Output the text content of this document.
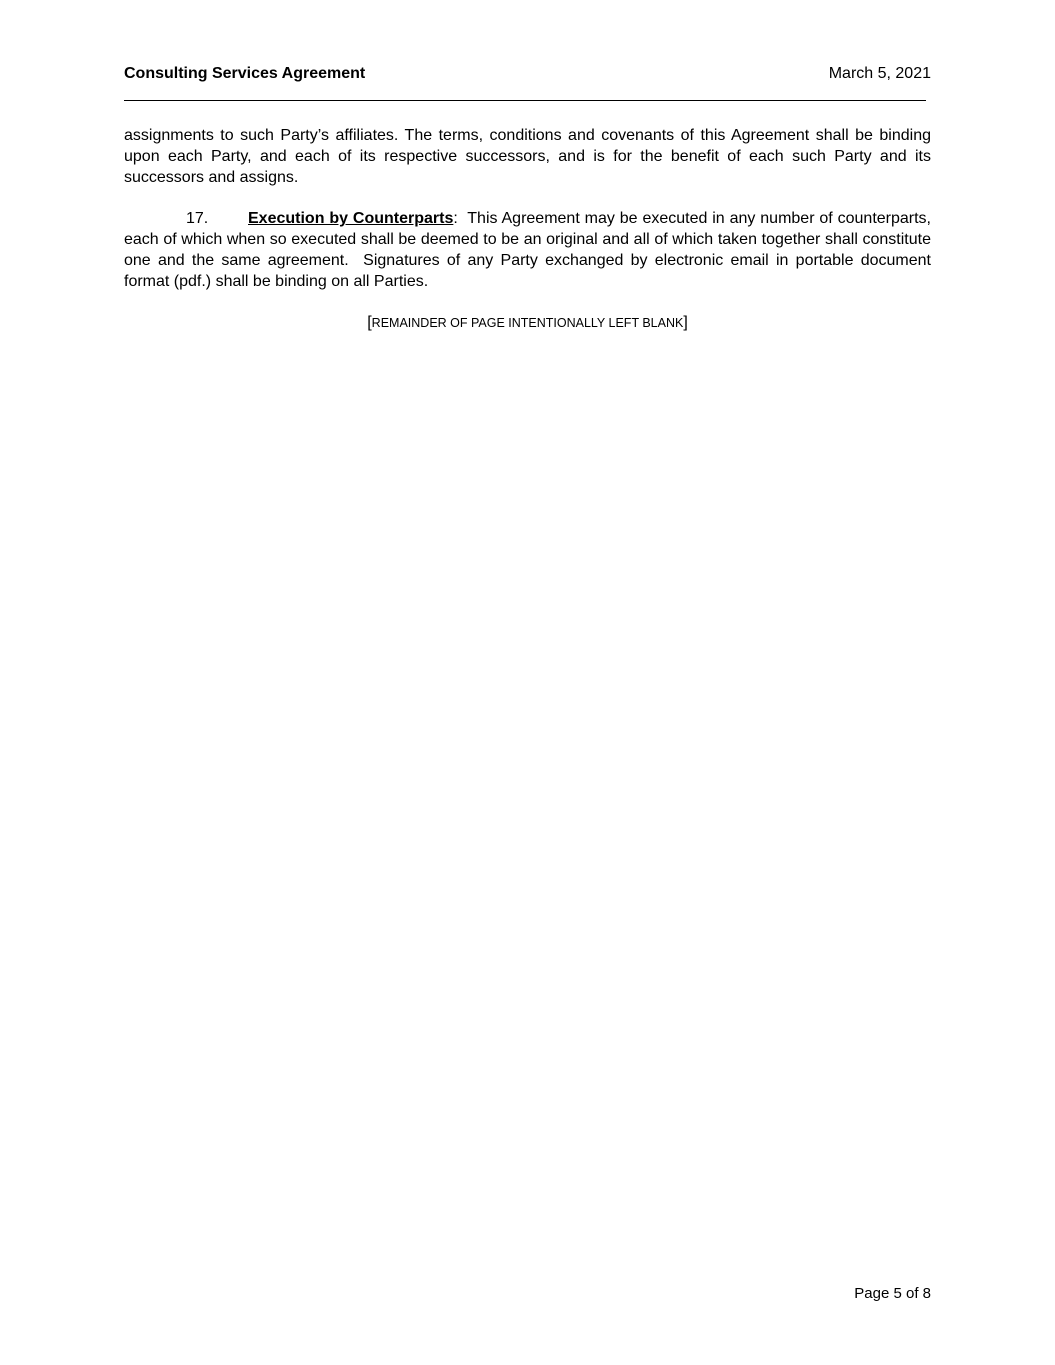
Consulting Services Agreement	March 5, 2021
assignments to such Party’s affiliates. The terms, conditions and covenants of this Agreement shall be binding upon each Party, and each of its respective successors, and is for the benefit of each such Party and its successors and assigns.
17. Execution by Counterparts:  This Agreement may be executed in any number of counterparts, each of which when so executed shall be deemed to be an original and all of which taken together shall constitute one and the same agreement.  Signatures of any Party exchanged by electronic email in portable document format (pdf.) shall be binding on all Parties.
[REMAINDER OF PAGE INTENTIONALLY LEFT BLANK]
Page 5 of 8
